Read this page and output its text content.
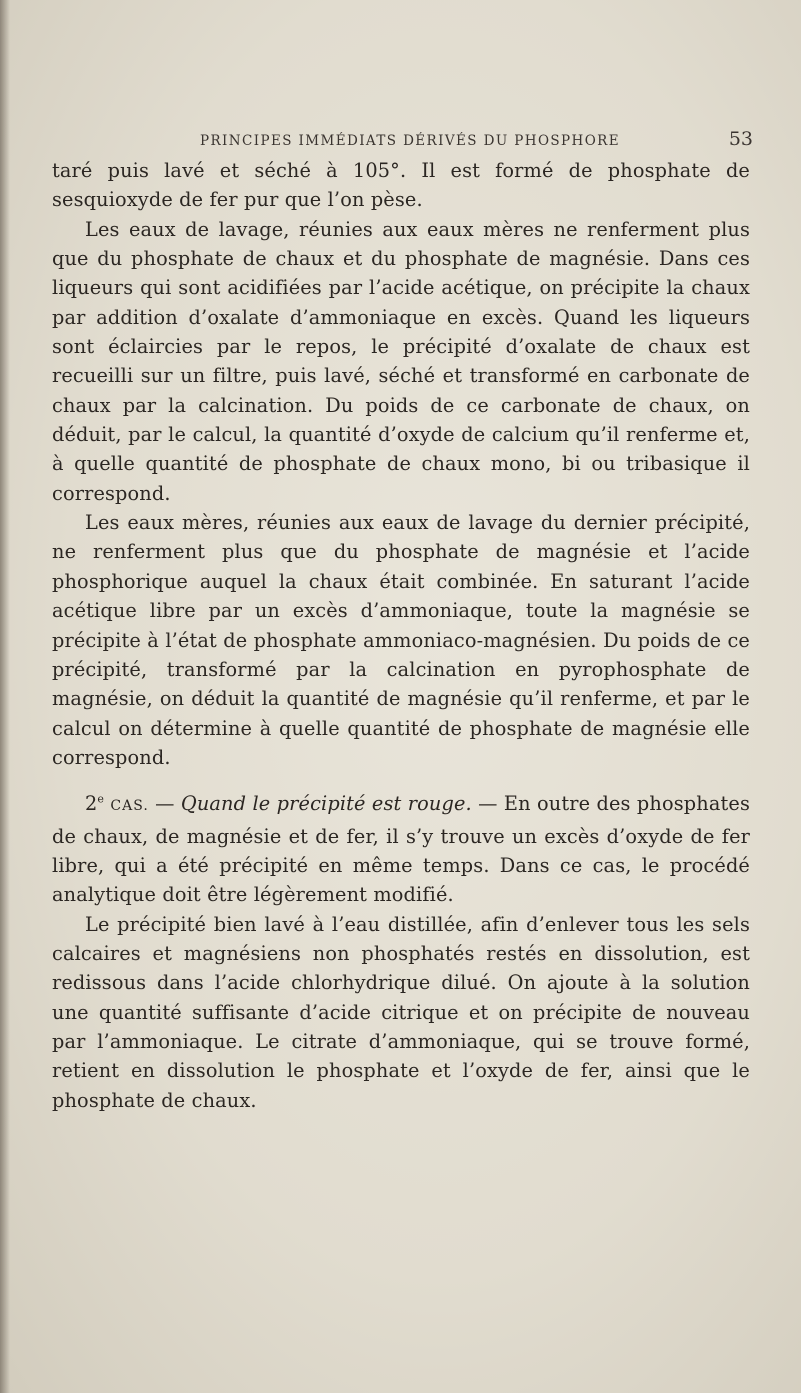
PRINCIPES IMMÉDIATS DÉRIVÉS DU PHOSPHORE	53

taré puis lavé et séché à 105°. Il est formé de phosphate de sesquioxyde de fer pur que l’on pèse.

Les eaux de lavage, réunies aux eaux mères ne renferment plus que du phosphate de chaux et du phosphate de magnésie. Dans ces liqueurs qui sont acidifiées par l’acide acétique, on précipite la chaux par addition d’oxalate d’ammoniaque en excès. Quand les liqueurs sont éclaircies par le repos, le précipité d’oxalate de chaux est recueilli sur un filtre, puis lavé, séché et transformé en carbonate de chaux par la calcination. Du poids de ce carbonate de chaux, on déduit, par le calcul, la quantité d’oxyde de calcium qu’il renferme et, à quelle quantité de phosphate de chaux mono, bi ou tribasique il correspond.

Les eaux mères, réunies aux eaux de lavage du dernier précipité, ne renferment plus que du phosphate de magnésie et l’acide phosphorique auquel la chaux était combinée. En saturant l’acide acétique libre par un excès d’ammoniaque, toute la magnésie se précipite à l’état de phosphate ammoniaco-magnésien. Du poids de ce précipité, transformé par la calcination en pyrophosphate de magnésie, on déduit la quantité de magnésie qu’il renferme, et par le calcul on détermine à quelle quantité de phosphate de magnésie elle correspond.

2e CAS. — Quand le précipité est rouge. — En outre des phosphates de chaux, de magnésie et de fer, il s’y trouve un excès d’oxyde de fer libre, qui a été précipité en même temps. Dans ce cas, le procédé analytique doit être légèrement modifié.

Le précipité bien lavé à l’eau distillée, afin d’enlever tous les sels calcaires et magnésiens non phosphatés restés en dissolution, est redissous dans l’acide chlorhydrique dilué. On ajoute à la solution une quantité suffisante d’acide citrique et on précipite de nouveau par l’ammoniaque. Le citrate d’ammoniaque, qui se trouve formé, retient en dissolution le phosphate et l’oxyde de fer, ainsi que le phosphate de chaux.
